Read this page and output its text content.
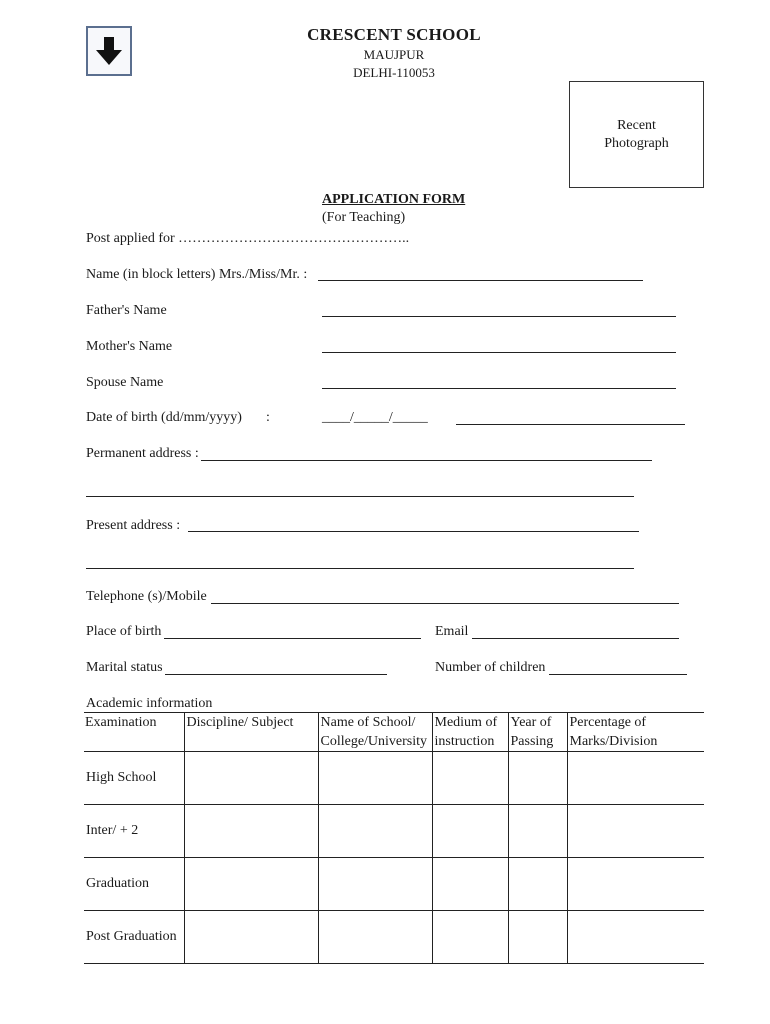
CRESCENT SCHOOL
MAUJPUR
DELHI-110053
Recent
Photograph
APPLICATION FORM
(For Teaching)
Post applied for …………………………………………..
Name (in block letters) Mrs./Miss/Mr. :
Father's Name
Mother's Name
Spouse Name
Date of birth (dd/mm/yyyy) :	____/_____/_____
Permanent address :
Present address :
Telephone (s)/Mobile
Place of birth	Email
Marital status	Number of children
Academic information
Examination	Discipline/ Subject	Name of School/ College/University	Medium of instruction	Year of Passing	Percentage of Marks/Division
High School					
Inter/ + 2					
Graduation					
Post Graduation					
